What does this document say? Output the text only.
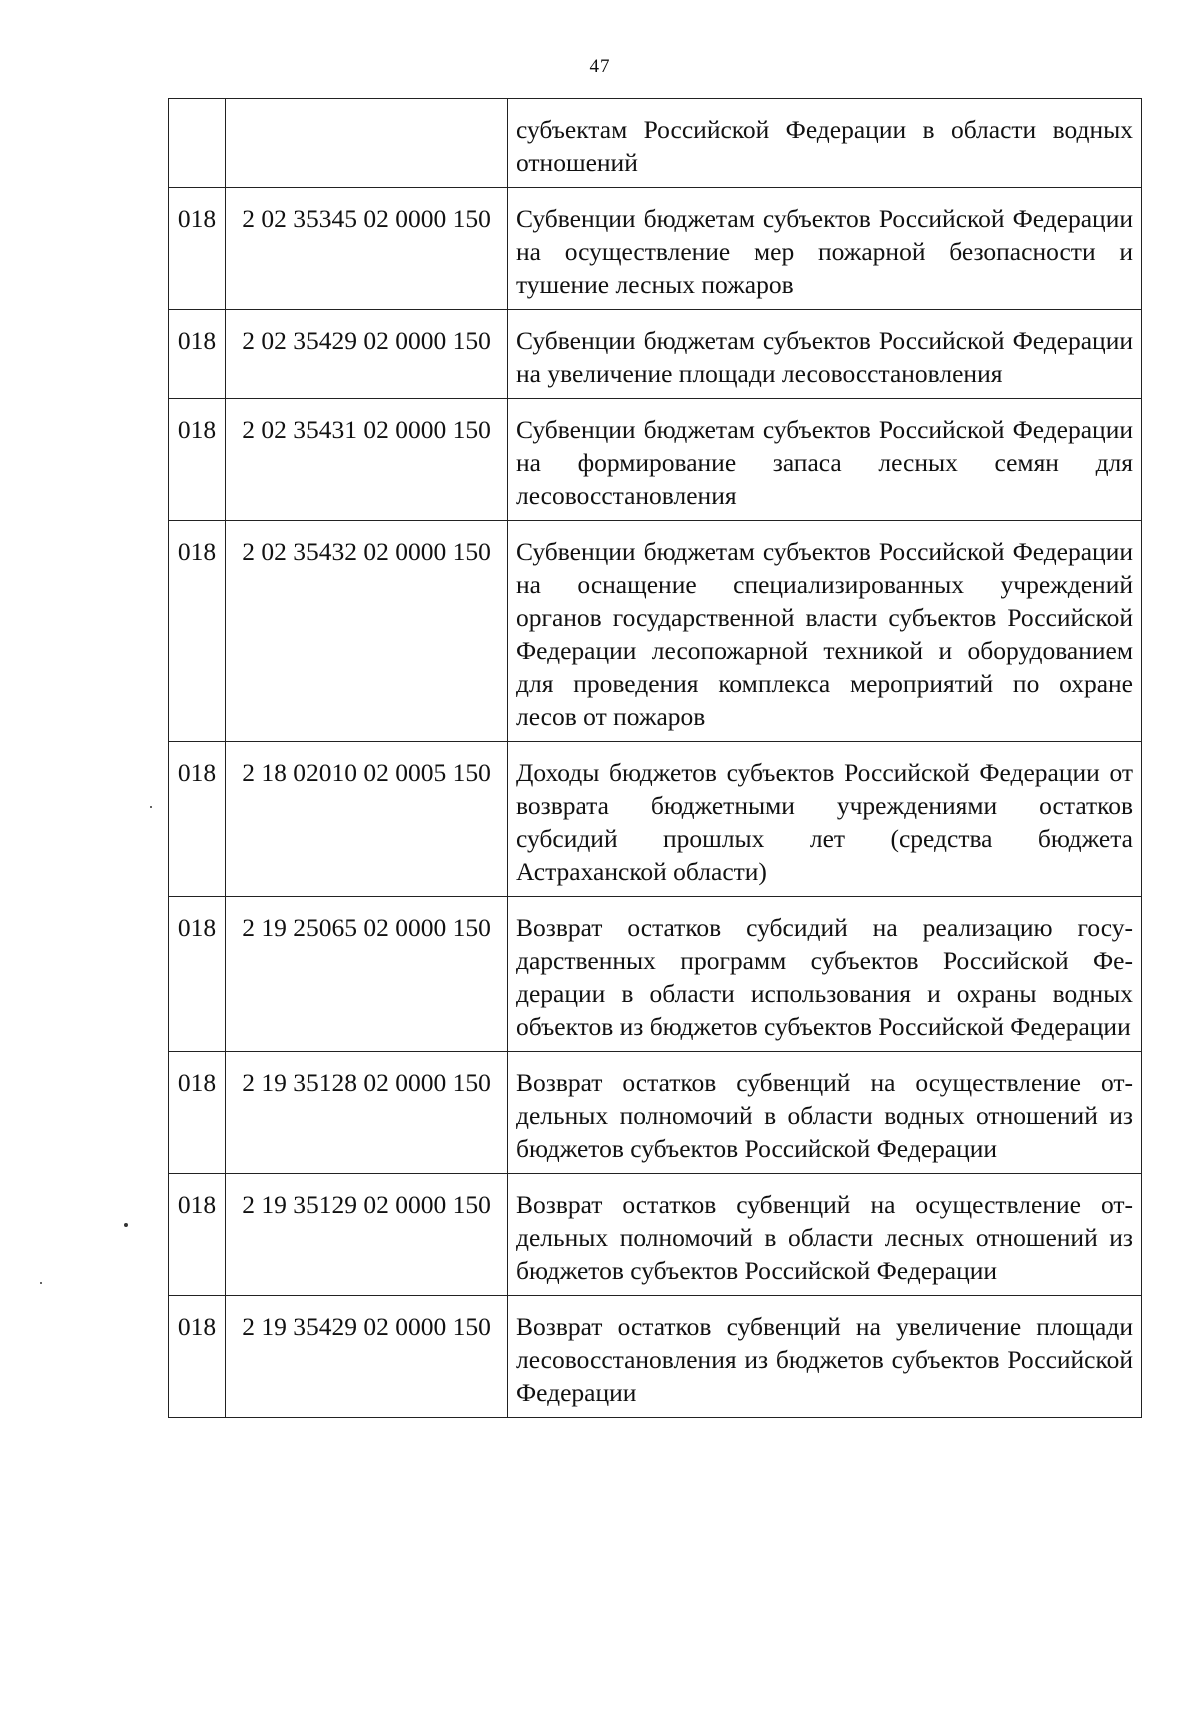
47
		субъектам Российской Федерации в области водных отношений
018	2 02 35345 02 0000 150	Субвенции бюджетам субъектов Российской Федерации на осуществление мер пожарной безопасности и тушение лесных пожаров
018	2 02 35429 02 0000 150	Субвенции бюджетам субъектов Российской Федерации на увеличение площади лесовосстановления
018	2 02 35431 02 0000 150	Субвенции бюджетам субъектов Российской Федерации на формирование запаса лесных семян для лесовосстановления
018	2 02 35432 02 0000 150	Субвенции бюджетам субъектов Российской Федерации на оснащение специализированных учреждений органов государственной власти субъектов Российской Федерации лесопожарной техникой и оборудованием для проведения комплекса мероприятий по охране лесов от пожаров
018	2 18 02010 02 0005 150	Доходы бюджетов субъектов Российской Федерации от возврата бюджетными учреждениями остатков субсидий прошлых лет (средства бюджета Астраханской области)
018	2 19 25065 02 0000 150	Возврат остатков субсидий на реализацию государственных программ субъектов Российской Федерации в области использования и охраны водных объектов из бюджетов субъектов Российской Федерации
018	2 19 35128 02 0000 150	Возврат остатков субвенций на осуществление отдельных полномочий в области водных отношений из бюджетов субъектов Российской Федерации
018	2 19 35129 02 0000 150	Возврат остатков субвенций на осуществление отдельных полномочий в области лесных отношений из бюджетов субъектов Российской Федерации
018	2 19 35429 02 0000 150	Возврат остатков субвенций на увеличение площади лесовосстановления из бюджетов субъектов Российской Федерации
